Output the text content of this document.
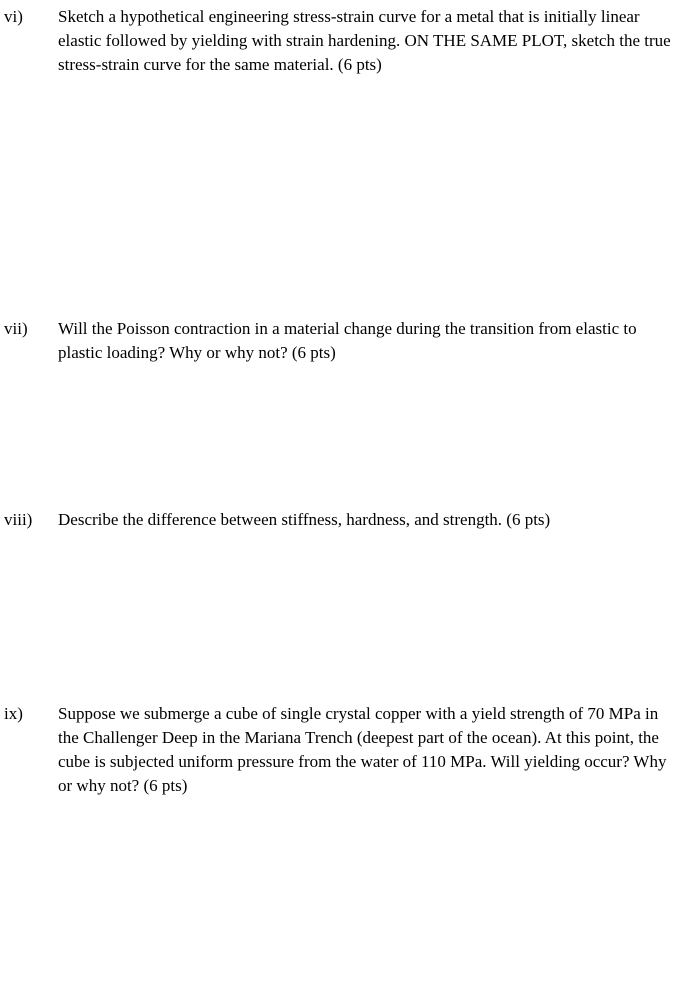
vi) Sketch a hypothetical engineering stress-strain curve for a metal that is initially linear elastic followed by yielding with strain hardening. ON THE SAME PLOT, sketch the true stress-strain curve for the same material. (6 pts)
vii) Will the Poisson contraction in a material change during the transition from elastic to plastic loading? Why or why not? (6 pts)
viii) Describe the difference between stiffness, hardness, and strength. (6 pts)
ix) Suppose we submerge a cube of single crystal copper with a yield strength of 70 MPa in the Challenger Deep in the Mariana Trench (deepest part of the ocean). At this point, the cube is subjected uniform pressure from the water of 110 MPa. Will yielding occur? Why or why not? (6 pts)
